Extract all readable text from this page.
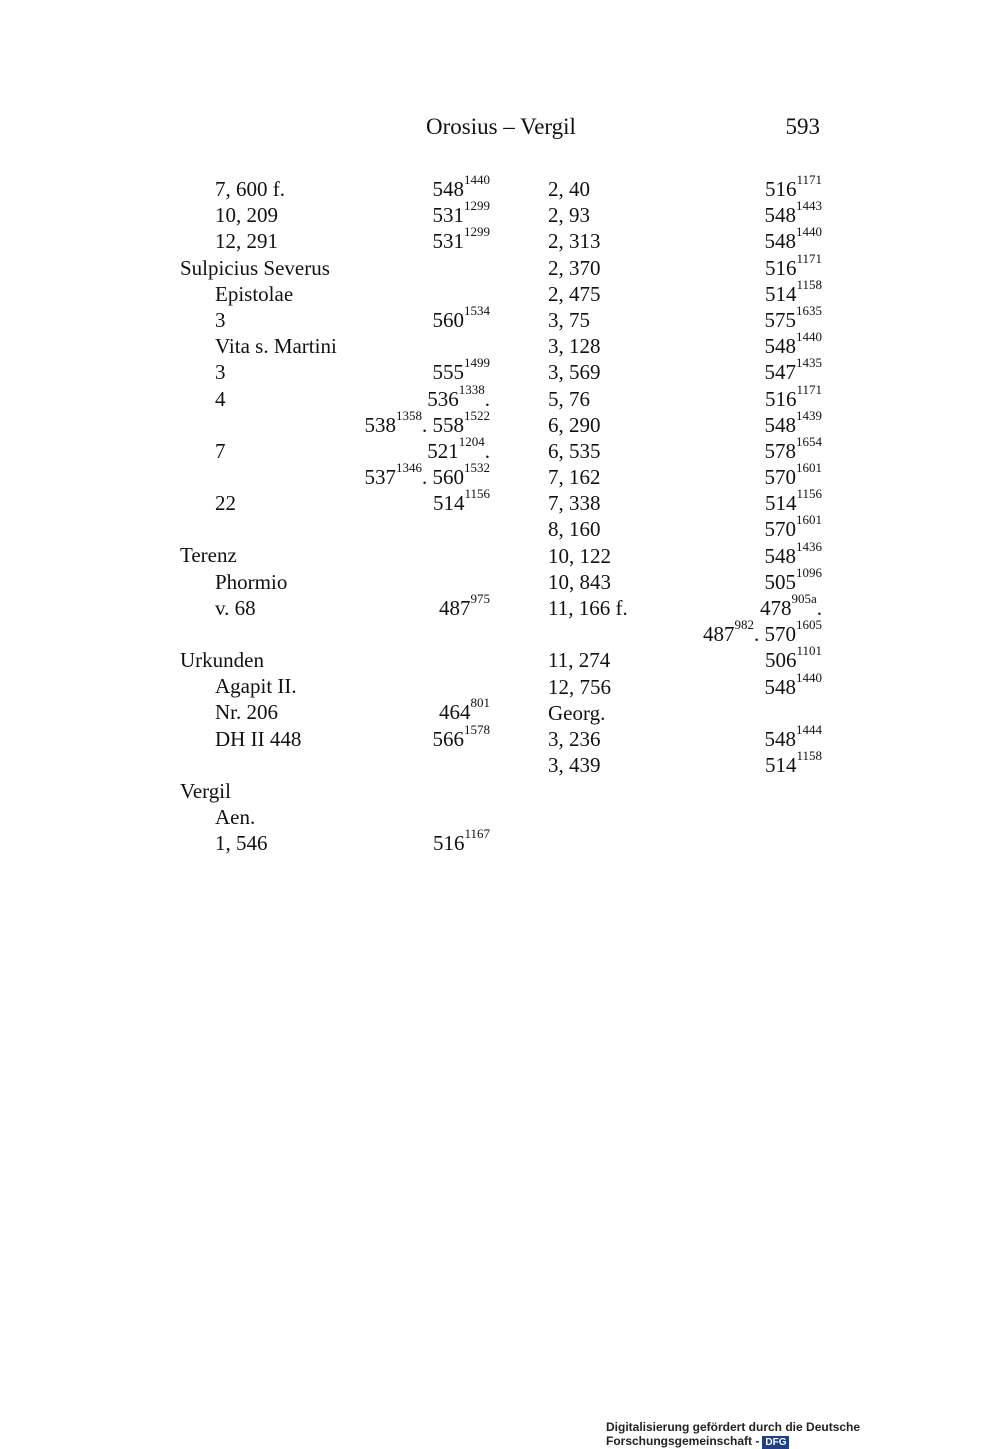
Orosius – Vergil	593
7, 600 f.	$548^{1440}$
10, 209	$531^{1299}$
12, 291	$531^{1299}$
Sulpicius Severus
Epistolae
3	$560^{1534}$
Vita s. Martini
3	$555^{1499}$
4	$536^{1338}$.
$538^{1358}$. $558^{1522}$
7	$521^{1204}$.
$537^{1346}$. $560^{1532}$
22	$514^{1156}$
Terenz
Phormio
v. 68	$487^{975}$
Urkunden
Agapit II.
Nr. 206	$464^{801}$
DH II 448	$566^{1578}$
Vergil
Aen.
1, 546	$516^{1167}$
2, 40	$516^{1171}$
2, 93	$548^{1443}$
2, 313	$548^{1440}$
2, 370	$516^{1171}$
2, 475	$514^{1158}$
3, 75	$575^{1635}$
3, 128	$548^{1440}$
3, 569	$547^{1435}$
5, 76	$516^{1171}$
6, 290	$548^{1439}$
6, 535	$578^{1654}$
7, 162	$570^{1601}$
7, 338	$514^{1156}$
8, 160	$570^{1601}$
10, 122	$548^{1436}$
10, 843	$505^{1096}$
11, 166 f.	$478^{905a}$.
$487^{982}$. $570^{1605}$
11, 274	$506^{1101}$
12, 756	$548^{1440}$
Georg.
3, 236	$548^{1444}$
3, 439	$514^{1158}$
Digitalisierung gefördert durch die Deutsche Forschungsgemeinschaft - DFG
